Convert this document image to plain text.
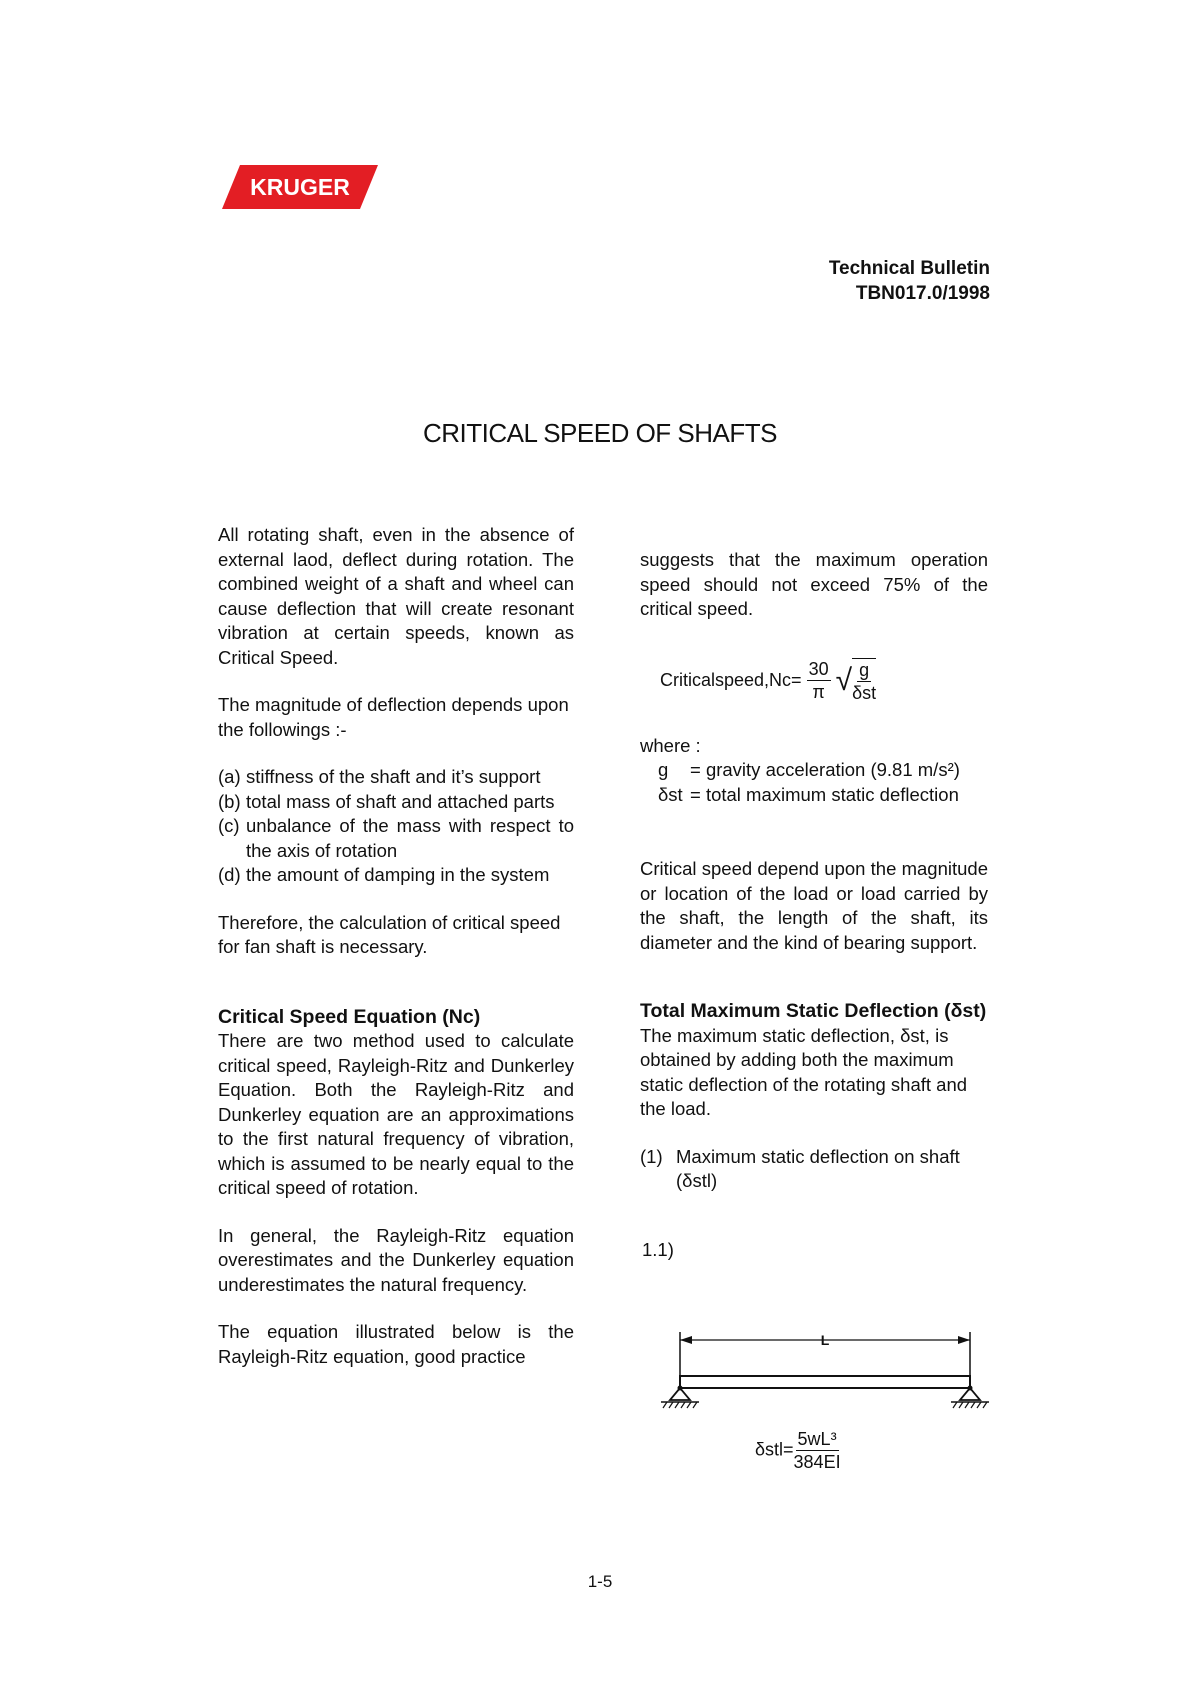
KRUGER
Technical Bulletin
TBN017.0/1998
CRITICAL SPEED OF SHAFTS

All rotating shaft, even in the absence of external laod, deflect during rotation. The combined weight of a shaft and wheel can cause deflection that will create resonant vibration at certain speeds, known as Critical Speed.

The magnitude of deflection depends upon the followings :-

(a) stiffness of the shaft and it’s support
(b) total mass of shaft and attached parts
(c) unbalance of the mass with respect to the axis of rotation
(d) the amount of damping in the system

Therefore, the calculation of critical speed for fan shaft is necessary.

Critical Speed Equation (Nc)

There are two method used to calculate critical speed, Rayleigh-Ritz and Dunkerley Equation. Both the Rayleigh-Ritz and Dunkerley equation are an approximations to the first natural frequency of vibration, which is assumed to be nearly equal to the critical speed of rotation.

In general, the Rayleigh-Ritz equation overestimates and the Dunkerley equation underestimates the natural frequency.

The equation illustrated below is the Rayleigh-Ritz equation, good practice

suggests that the maximum operation speed should not exceed 75% of the critical speed.

Criticalspeed,Nc= $\frac{30}{\pi}$ √ $\frac{g}{\text{δst}}$

where :

g	= gravity acceleration (9.81 m/s²)
δst = total maximum static deflection

Critical speed depend upon the magnitude or location of the load or load carried by the shaft, the length of the shaft, its diameter and the kind of bearing support.

Total Maximum Static Deflection (δst)

The maximum static deflection, δst, is obtained by adding both the maximum static deflection of the rotating shaft and the load.

(1) Maximum static deflection on shaft (δstl)

1.1)

L
$\delta stl= \frac{\text{5wL³}}{384EI}$
1-5
